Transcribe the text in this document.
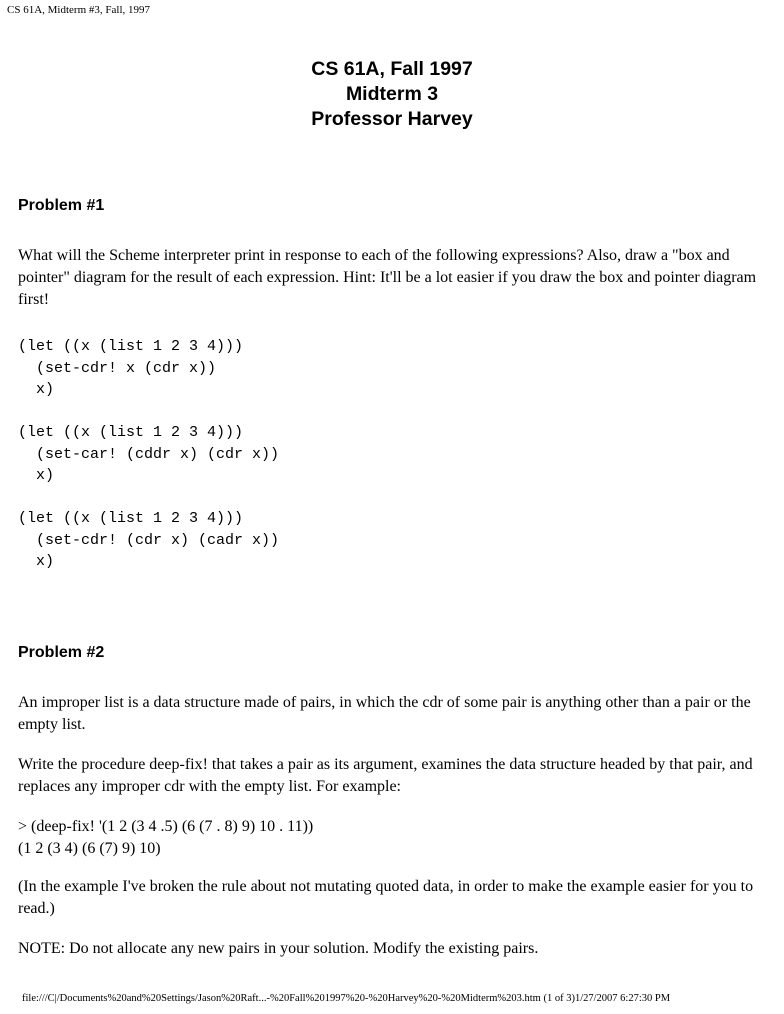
CS 61A, Midterm #3, Fall, 1997
CS 61A, Fall 1997
Midterm 3
Professor Harvey
Problem #1
What will the Scheme interpreter print in response to each of the following expressions? Also, draw a "box and pointer" diagram for the result of each expression. Hint: It'll be a lot easier if you draw the box and pointer diagram first!
(let ((x (list 1 2 3 4)))
(set-cdr! x (cdr x))
x)
(let ((x (list 1 2 3 4)))
(set-car! (cddr x) (cdr x))
x)
(let ((x (list 1 2 3 4)))
(set-cdr! (cdr x) (cadr x))
x)
Problem #2
An improper list is a data structure made of pairs, in which the cdr of some pair is anything other than a pair or the empty list.
Write the procedure deep-fix! that takes a pair as its argument, examines the data structure headed by that pair, and replaces any improper cdr with the empty list. For example:
> (deep-fix! '(1 2 (3 4 .5) (6 (7 . 8) 9) 10 . 11))
(1 2 (3 4) (6 (7) 9) 10)
(In the example I've broken the rule about not mutating quoted data, in order to make the example easier for you to read.)
NOTE: Do not allocate any new pairs in your solution. Modify the existing pairs.
file:///C|/Documents%20and%20Settings/Jason%20Raft...-%20Fall%201997%20-%20Harvey%20-%20Midterm%203.htm (1 of 3)1/27/2007 6:27:30 PM
